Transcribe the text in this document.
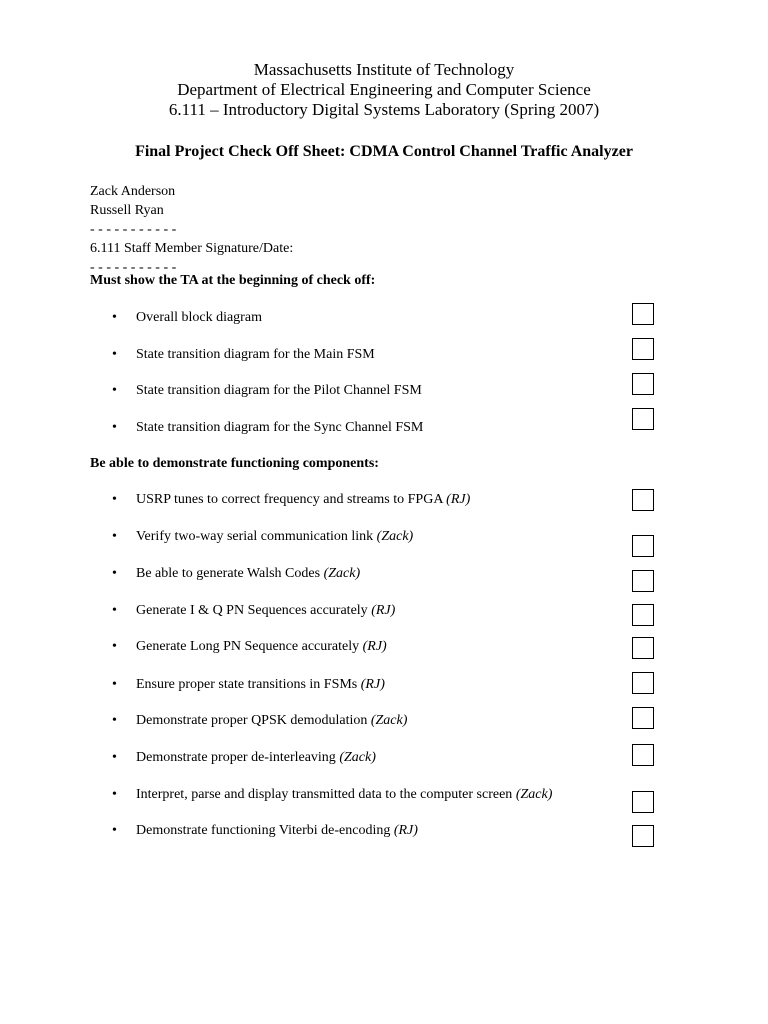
Massachusetts Institute of Technology
Department of Electrical Engineering and Computer Science
6.111 – Introductory Digital Systems Laboratory (Spring 2007)
Final Project Check Off Sheet: CDMA Control Channel Traffic Analyzer
Zack Anderson
Russell Ryan
- - - - - - - - - - -
6.111 Staff Member Signature/Date:
- - - - - - - - - - -
Must show the TA at the beginning of check off:
• Overall block diagram
• State transition diagram for the Main FSM
• State transition diagram for the Pilot Channel FSM
• State transition diagram for the Sync Channel FSM
Be able to demonstrate functioning components:
• USRP tunes to correct frequency and streams to FPGA (RJ)
• Verify two-way serial communication link (Zack)
• Be able to generate Walsh Codes (Zack)
• Generate I & Q PN Sequences accurately (RJ)
• Generate Long PN Sequence accurately (RJ)
• Ensure proper state transitions in FSMs (RJ)
• Demonstrate proper QPSK demodulation (Zack)
• Demonstrate proper de-interleaving (Zack)
• Interpret, parse and display transmitted data to the computer screen (Zack)
• Demonstrate functioning Viterbi de-encoding (RJ)
